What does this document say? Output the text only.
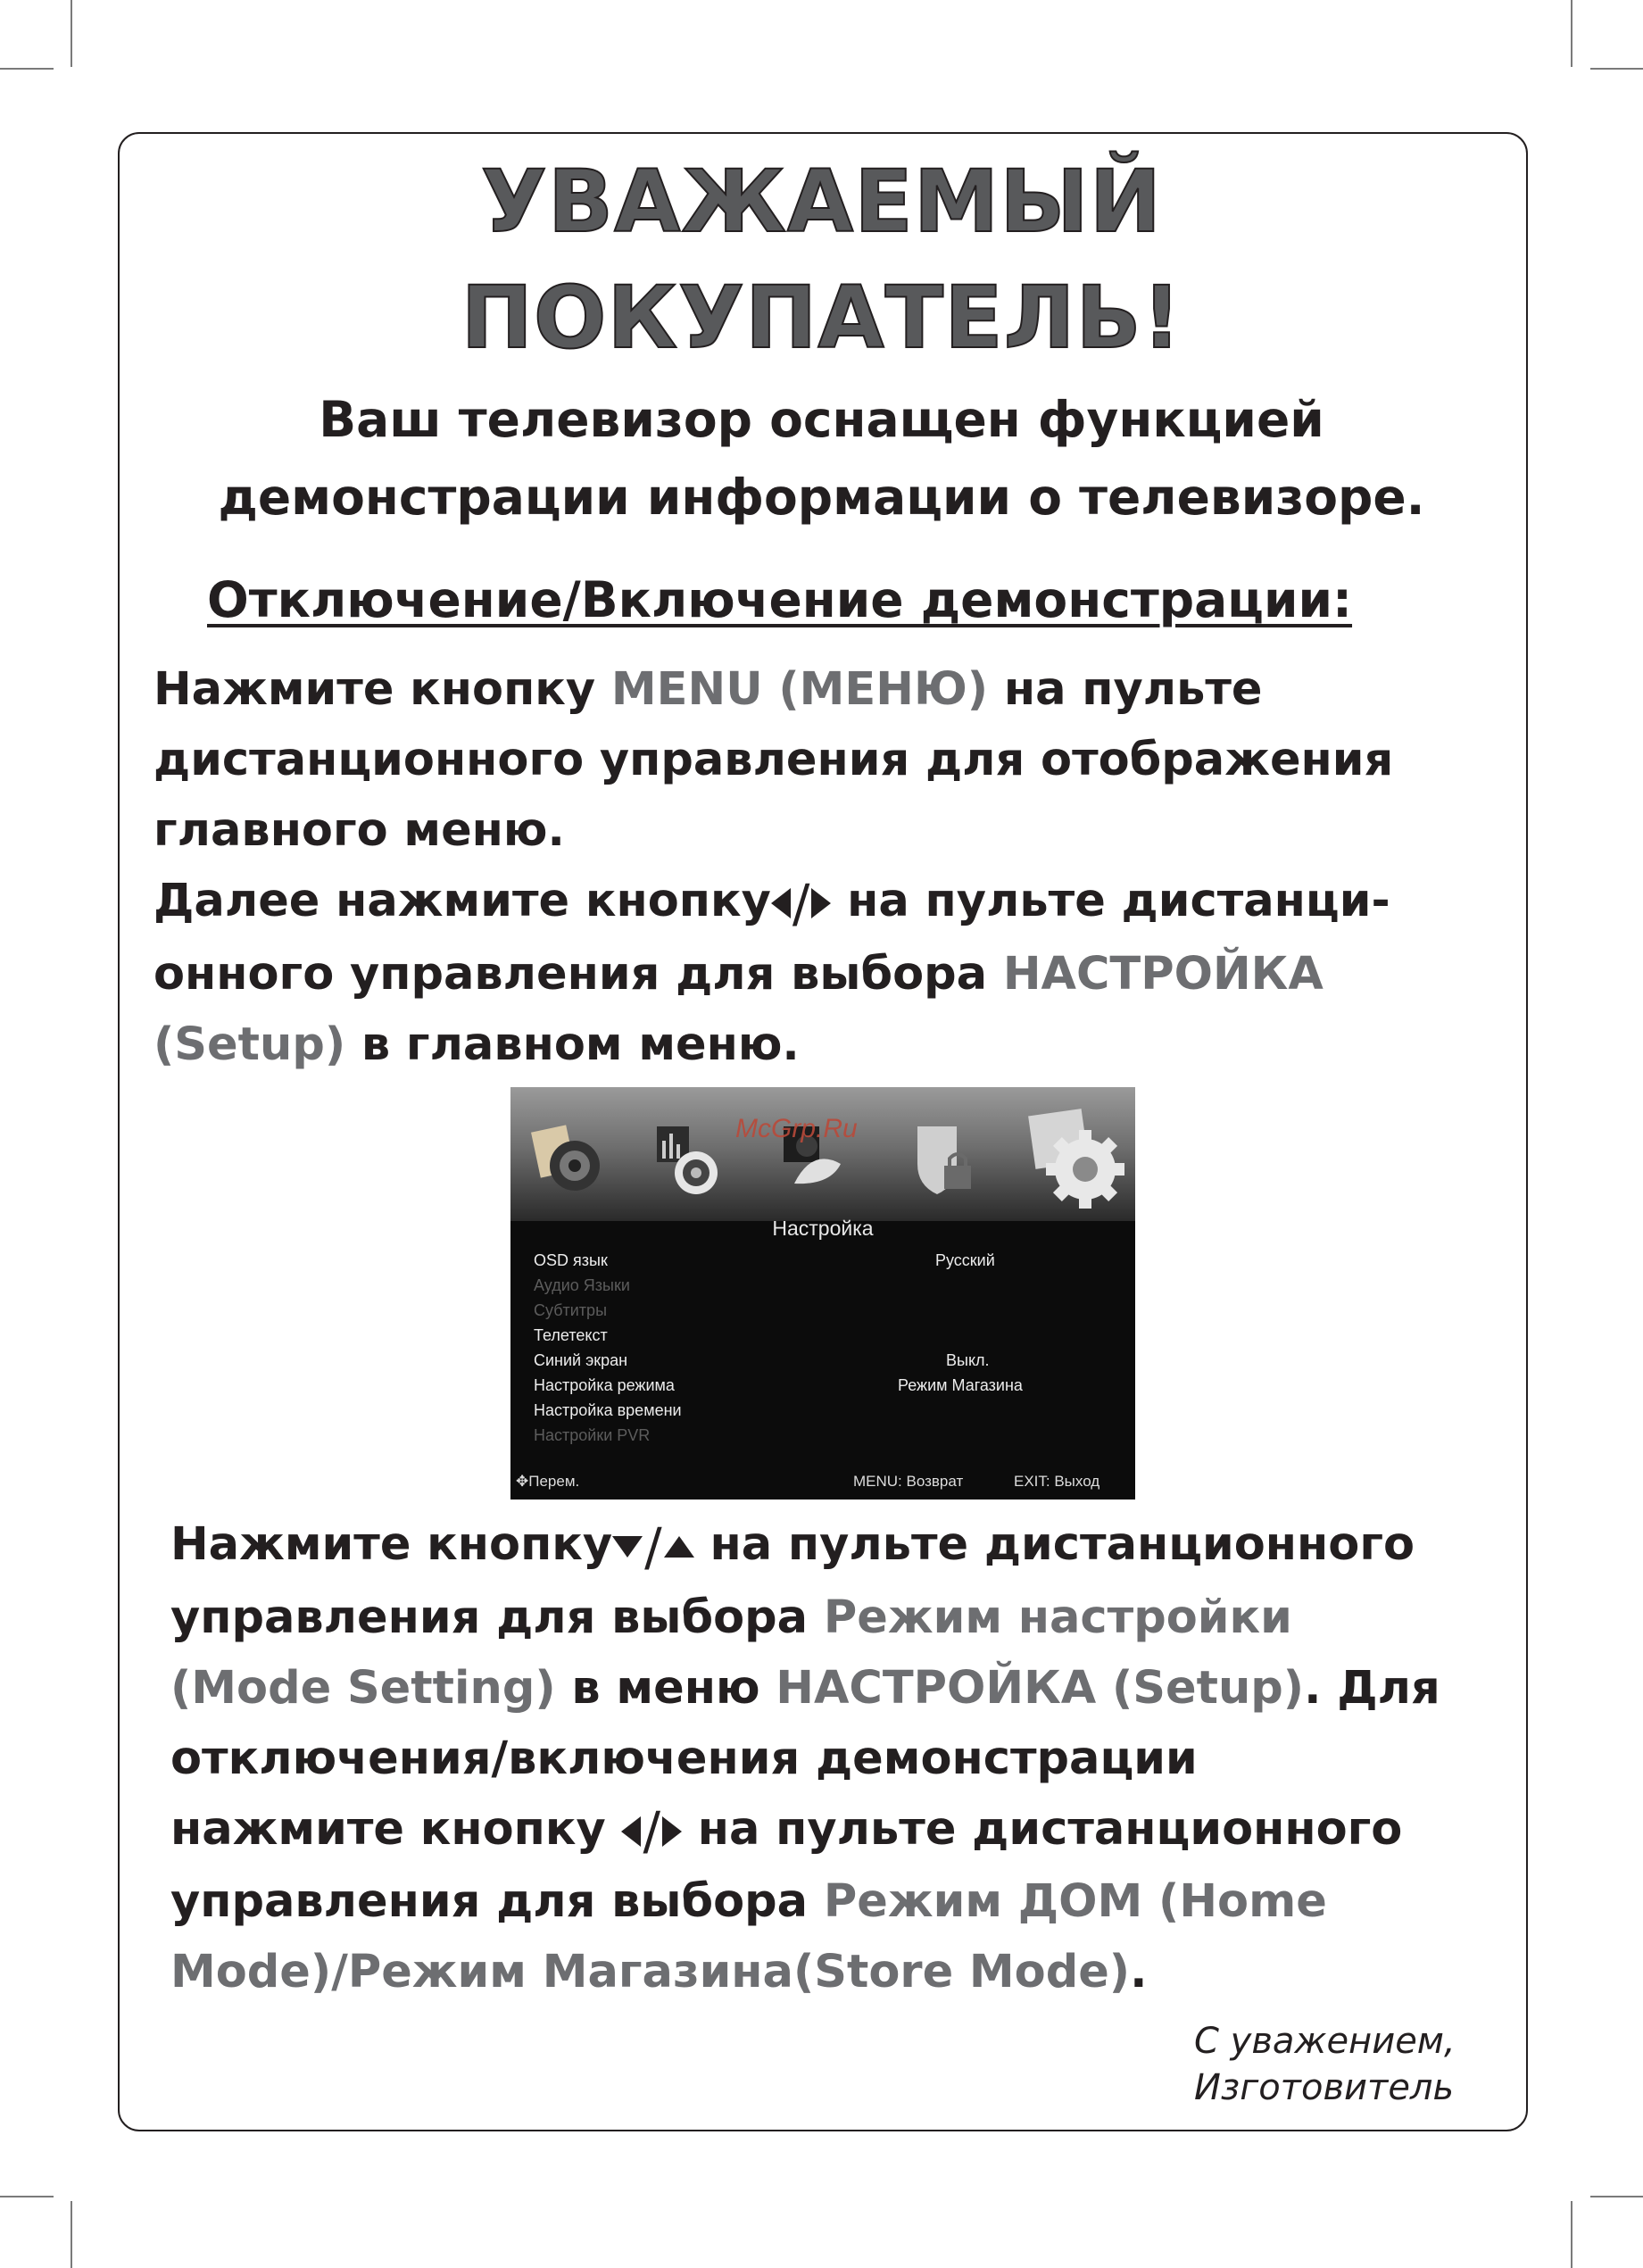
УВАЖАЕМЫЙ
ПОКУПАТЕЛЬ!
Ваш телевизор оснащен функцией
демонстрации информации о телевизоре.
Отключение/Включение демонстрации:
Нажмите кнопку MENU (МЕНЮ) на пульте
дистанционного управления для отображения
главного меню.
Далее нажмите кнопку / на пульте дистанци-
онного управления для выбора НАСТРОЙКА
(Setup) в главном меню.
McGrp.Ru
Настройка
OSD язык
Аудио Языки
Субтитры
Телетекст
Синий экран
Настройка режима
Настройка времени
Настройки PVR
Русский
Выкл.
Режим Магазина
✥Перем.	MENU: Возврат	EXIT: Выход
Нажмите кнопку / на пульте дистанционного
управления для выбора Режим настройки
(Mode Setting) в меню НАСТРОЙКА (Setup). Для
отключения/включения демонстрации
нажмите кнопку / на пульте дистанционного
управления для выбора Режим ДОМ (Home
Mode)/Режим Магазина(Store Mode).
С уважением,
Изготовитель
